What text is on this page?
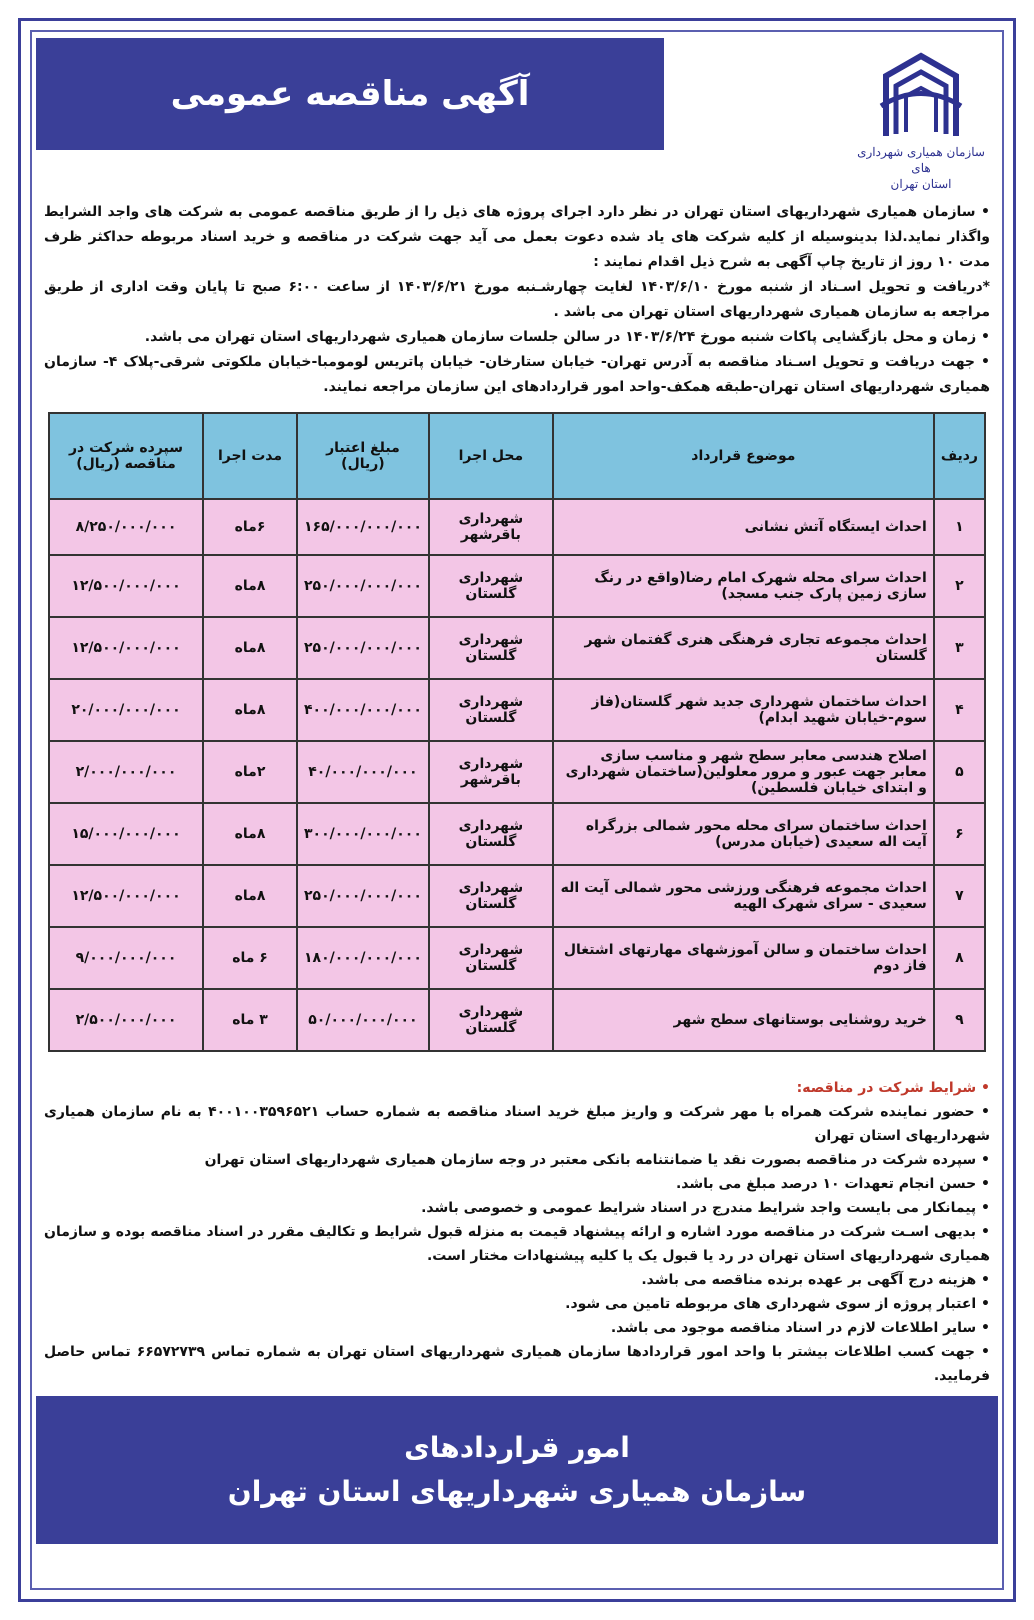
آگهی مناقصه عمومی
سازمان همیاری شهرداری های
استان تهران

• سازمان همیاری شهرداریهای استان تهران در نظر دارد اجرای پروژه های ذیل را از طریق مناقصه عمومی به شرکت های واجد الشرایط واگذار نماید.لذا بدینوسیله از کلیه شرکت های یاد شده دعوت بعمل می آید جهت شرکت در مناقصه و خرید اسناد مربوطه حداکثر ظرف مدت ۱۰ روز از تاریخ چاپ آگهی به شرح ذیل اقدام نمایند :

*دریافت و تحویل اسـناد از شنبه مورخ ۱۴۰۳/۶/۱۰ لغایت چهارشـنبه مورخ ۱۴۰۳/۶/۲۱ از ساعت ۶:۰۰ صبح تا پایان وقت اداری از طریق مراجعه به سازمان همیاری شهرداریهای استان تهران می باشد .

• زمان و محل بازگشایی پاکات شنبه مورخ ۱۴۰۳/۶/۲۴ در سالن جلسات سازمان همیاری شهرداریهای استان تهران می باشد.

• جهت دریافت و تحویل اسـناد مناقصه به آدرس تهران- خیابان ستارخان- خیابان پاتریس لومومبا-خیابان ملکوتی شرقی-پلاک ۴- سازمان همیاری شهرداریهای استان تهران-طبقه همکف-واحد امور قراردادهای این سازمان مراجعه نمایند.

ردیف	موضوع قرارداد	محل اجرا	مبلغ اعتبار (ریال)	مدت اجرا	سپرده شرکت در مناقصه (ریال)
۱	احداث ایستگاه آتش نشانی	شهرداری باقرشهر	۱۶۵/۰۰۰/۰۰۰/۰۰۰	۶ماه	۸/۲۵۰/۰۰۰/۰۰۰
۲	احداث سرای محله شهرک امام رضا(واقع در رنگ سازی زمین پارک جنب مسجد)	شهرداری گلستان	۲۵۰/۰۰۰/۰۰۰/۰۰۰	۸ماه	۱۲/۵۰۰/۰۰۰/۰۰۰
۳	احداث مجموعه تجاری فرهنگی هنری گفتمان شهر گلستان	شهرداری گلستان	۲۵۰/۰۰۰/۰۰۰/۰۰۰	۸ماه	۱۲/۵۰۰/۰۰۰/۰۰۰
۴	احداث ساختمان شهرداری جدید شهر گلستان(فاز سوم-خیابان شهید ابدام)	شهرداری گلستان	۴۰۰/۰۰۰/۰۰۰/۰۰۰	۸ماه	۲۰/۰۰۰/۰۰۰/۰۰۰
۵	اصلاح هندسی معابر سطح شهر و مناسب سازی معابر جهت عبور و مرور معلولین(ساختمان شهرداری و ابتدای خیابان فلسطین)	شهرداری باقرشهر	۴۰/۰۰۰/۰۰۰/۰۰۰	۲ماه	۲/۰۰۰/۰۰۰/۰۰۰
۶	احداث ساختمان سرای محله محور شمالی بزرگراه آیت اله سعیدی (خیابان مدرس)	شهرداری گلستان	۳۰۰/۰۰۰/۰۰۰/۰۰۰	۸ماه	۱۵/۰۰۰/۰۰۰/۰۰۰
۷	احداث مجموعه فرهنگی ورزشی محور شمالی آیت اله سعیدی - سرای شهرک الهیه	شهرداری گلستان	۲۵۰/۰۰۰/۰۰۰/۰۰۰	۸ماه	۱۲/۵۰۰/۰۰۰/۰۰۰
۸	احداث ساختمان و سالن آموزشهای مهارتهای اشتغال فاز دوم	شهرداری گلستان	۱۸۰/۰۰۰/۰۰۰/۰۰۰	۶ ماه	۹/۰۰۰/۰۰۰/۰۰۰
۹	خرید روشنایی بوستانهای سطح شهر	شهرداری گلستان	۵۰/۰۰۰/۰۰۰/۰۰۰	۳ ماه	۲/۵۰۰/۰۰۰/۰۰۰

• شرایط شرکت در مناقصه:

• حضور نماینده شرکت همراه با مهر شرکت و واریز مبلغ خرید اسناد مناقصه به شماره حساب ۴۰۰۱۰۰۳۵۹۶۵۲۱ به نام سازمان همیاری شهرداریهای استان تهران

• سپرده شرکت در مناقصه بصورت نقد یا ضمانتنامه بانکی معتبر در وجه سازمان همیاری شهرداریهای استان تهران

• حسن انجام تعهدات ۱۰ درصد مبلغ می باشد.

• پیمانکار می بایست واجد شرایط مندرج در اسناد شرایط عمومی و خصوصی باشد.

• بدیهی اسـت شرکت در مناقصه مورد اشاره و ارائه پیشنهاد قیمت به منزله قبول شرایط و تکالیف مقرر در اسناد مناقصه بوده و سازمان همیاری شهرداریهای استان تهران در رد یا قبول یک یا کلیه پیشنهادات مختار است.

• هزینه درج آگهی بر عهده برنده مناقصه می باشد.

• اعتبار پروژه از سوی شهرداری های مربوطه تامین می شود.

• سایر اطلاعات لازم در اسناد مناقصه موجود می باشد.

• جهت کسب اطلاعات بیشتر با واحد امور قراردادها سازمان همیاری شهرداریهای استان تهران به شماره تماس ۶۶۵۷۲۷۳۹ تماس حاصل فرمایید.

امور قراردادهای
سازمان همیاری شهرداریهای استان تهران
